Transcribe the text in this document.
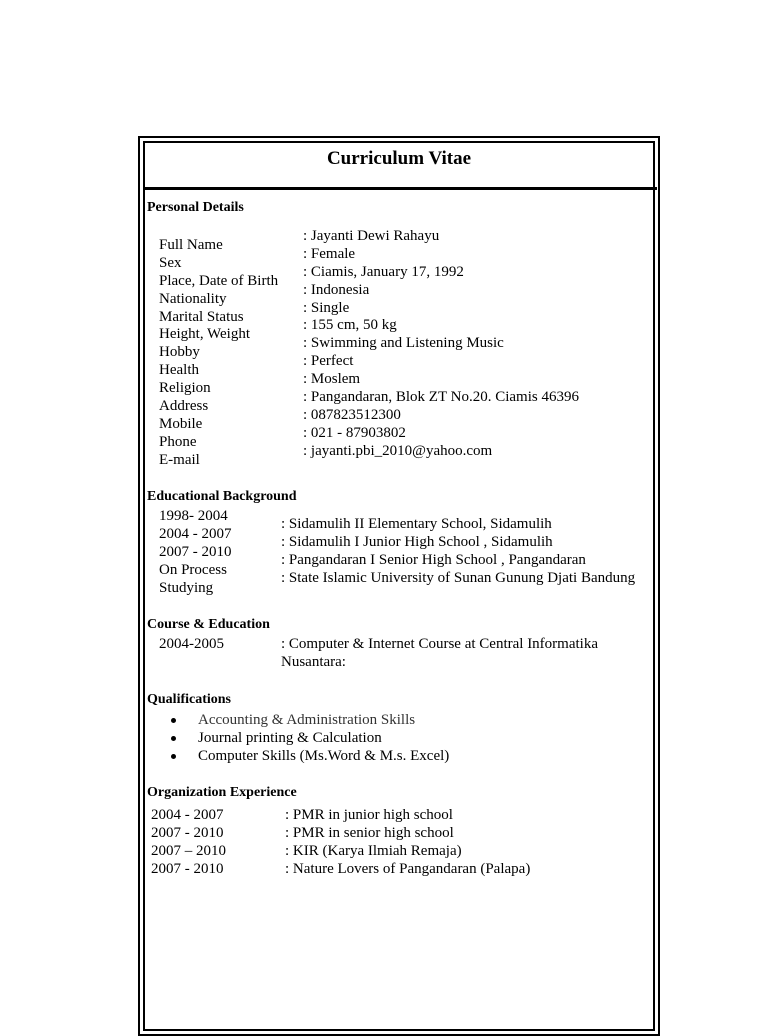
Curriculum Vitae
Personal Details
Full Name
Sex
Place, Date of Birth
Nationality
Marital Status
Height, Weight
Hobby
Health
Religion
Address
Mobile
Phone
E-mail
: Jayanti Dewi Rahayu
: Female
: Ciamis, January 17, 1992
: Indonesia
: Single
: 155 cm, 50 kg
: Swimming and Listening Music
: Perfect
: Moslem
: Pangandaran, Blok ZT No.20. Ciamis 46396
: 087823512300
: 021 - 87903802
: jayanti.pbi_2010@yahoo.com
Educational Background
1998- 2004
2004 - 2007
2007 - 2010
On Process
Studying
: Sidamulih II Elementary School, Sidamulih
: Sidamulih I Junior High School , Sidamulih
: Pangandaran I Senior High School , Pangandaran
: State Islamic University of Sunan Gunung Djati Bandung
Course & Education
2004-2005	: Computer & Internet Course at Central Informatika
Nusantara:
Qualifications
Accounting & Administration Skills
Journal printing & Calculation
Computer Skills (Ms.Word & M.s. Excel)
Organization Experience
2004 - 2007
2007 - 2010
2007 – 2010
2007 - 2010
: PMR in junior high school
: PMR in senior high school
: KIR (Karya Ilmiah Remaja)
: Nature Lovers of Pangandaran (Palapa)
